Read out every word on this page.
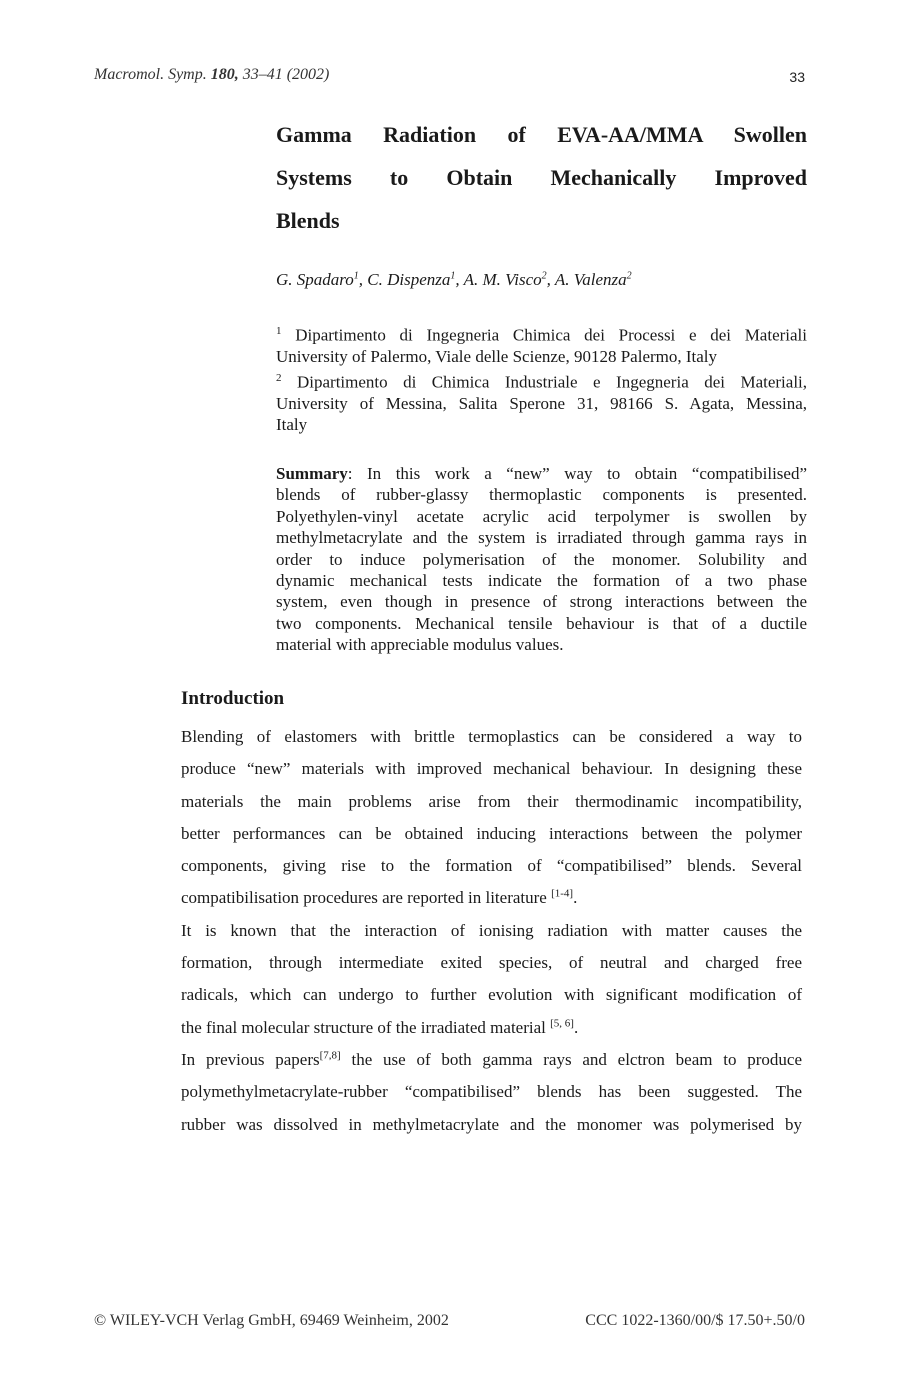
Macromol. Symp. 180, 33–41 (2002)	33
Gamma Radiation of EVA-AA/MMA Swollen
Systems to Obtain Mechanically Improved
Blends
G. Spadaro$^1$, C. Dispenza$^1$, A. M. Visco$^2$, A. Valenza$^2$
$^1$ Dipartimento di Ingegneria Chimica dei Processi e dei Materiali
University of Palermo, Viale delle Scienze, 90128 Palermo, Italy
$^2$ Dipartimento di Chimica Industriale e Ingegneria dei Materiali,
University of Messina, Salita Sperone 31, 98166 S. Agata, Messina,
Italy
Summary: In this work a “new” way to obtain “compatibilised”
blends of rubber-glassy thermoplastic components is presented.
Polyethylen-vinyl acetate acrylic acid terpolymer is swollen by
methylmetacrylate and the system is irradiated through gamma rays in
order to induce polymerisation of the monomer. Solubility and
dynamic mechanical tests indicate the formation of a two phase
system, even though in presence of strong interactions between the
two components. Mechanical tensile behaviour is that of a ductile
material with appreciable modulus values.
Introduction
Blending of elastomers with brittle termoplastics can be considered a way to
produce “new” materials with improved mechanical behaviour. In designing these
materials the main problems arise from their thermodinamic incompatibility,
better performances can be obtained inducing interactions between the polymer
components, giving rise to the formation of “compatibilised” blends. Several
compatibilisation procedures are reported in literature [1-4].
It is known that the interaction of ionising radiation with matter causes the
formation, through intermediate exited species, of neutral and charged free
radicals, which can undergo to further evolution with significant modification of
the final molecular structure of the irradiated material [5, 6].
In previous papers[7,8] the use of both gamma rays and elctron beam to produce
polymethylmetacrylate-rubber “compatibilised” blends has been suggested. The
rubber was dissolved in methylmetacrylate and the monomer was polymerised by
© WILEY-VCH Verlag GmbH, 69469 Weinheim, 2002	CCC 1022-1360/00/$ 17.50+.50/0
